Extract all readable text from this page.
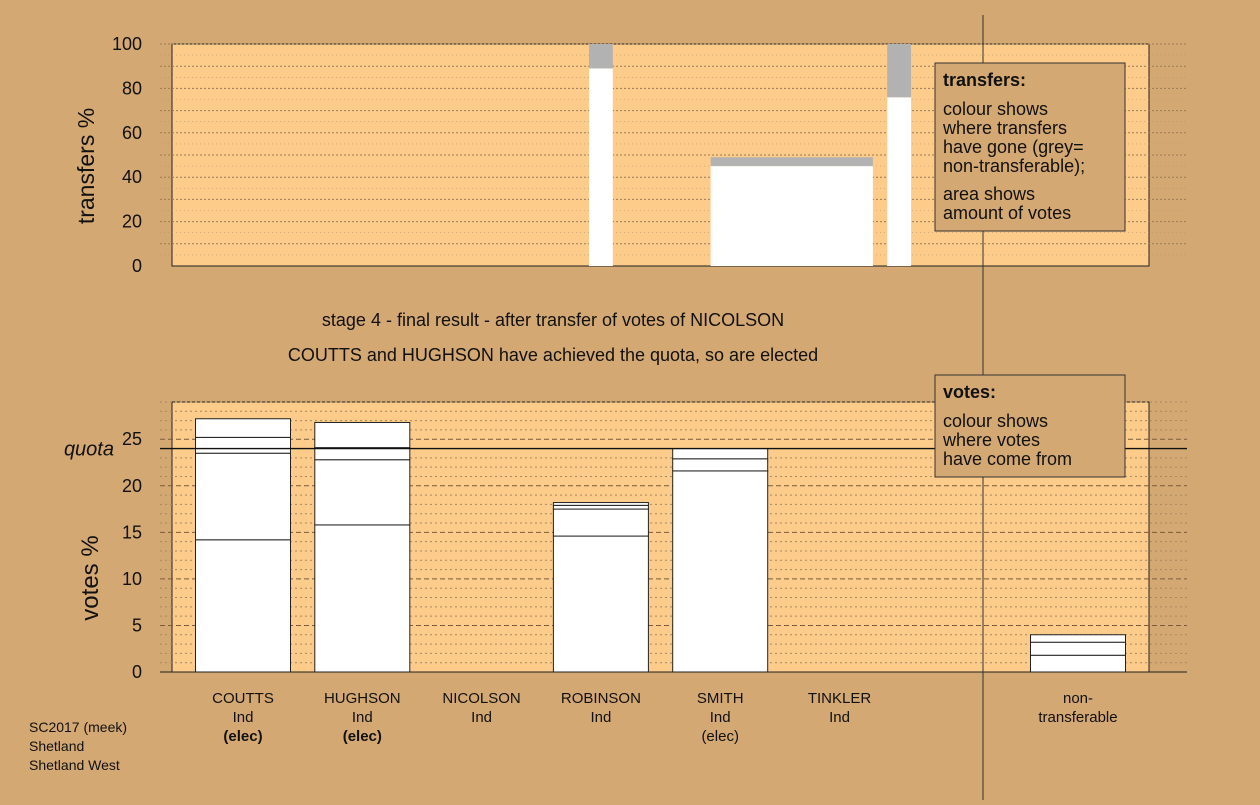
0
20
40
60
80
100
transfers %
stage 4 - final result - after transfer of votes of NICOLSON
COUTTS and HUGHSON have achieved the quota, so are elected
0
5
10
15
20
25
quota
votes %
COUTTS
Ind
(elec)
HUGHSON
Ind
(elec)
NICOLSON
Ind
ROBINSON
Ind
SMITH
Ind
(elec)
TINKLER
Ind
non-
transferable
transfers:
colour shows
where transfers
have gone (grey=
non-transferable);
area shows
amount of votes
votes:
colour shows
where votes
have come from
SC2017 (meek)
Shetland
Shetland West
